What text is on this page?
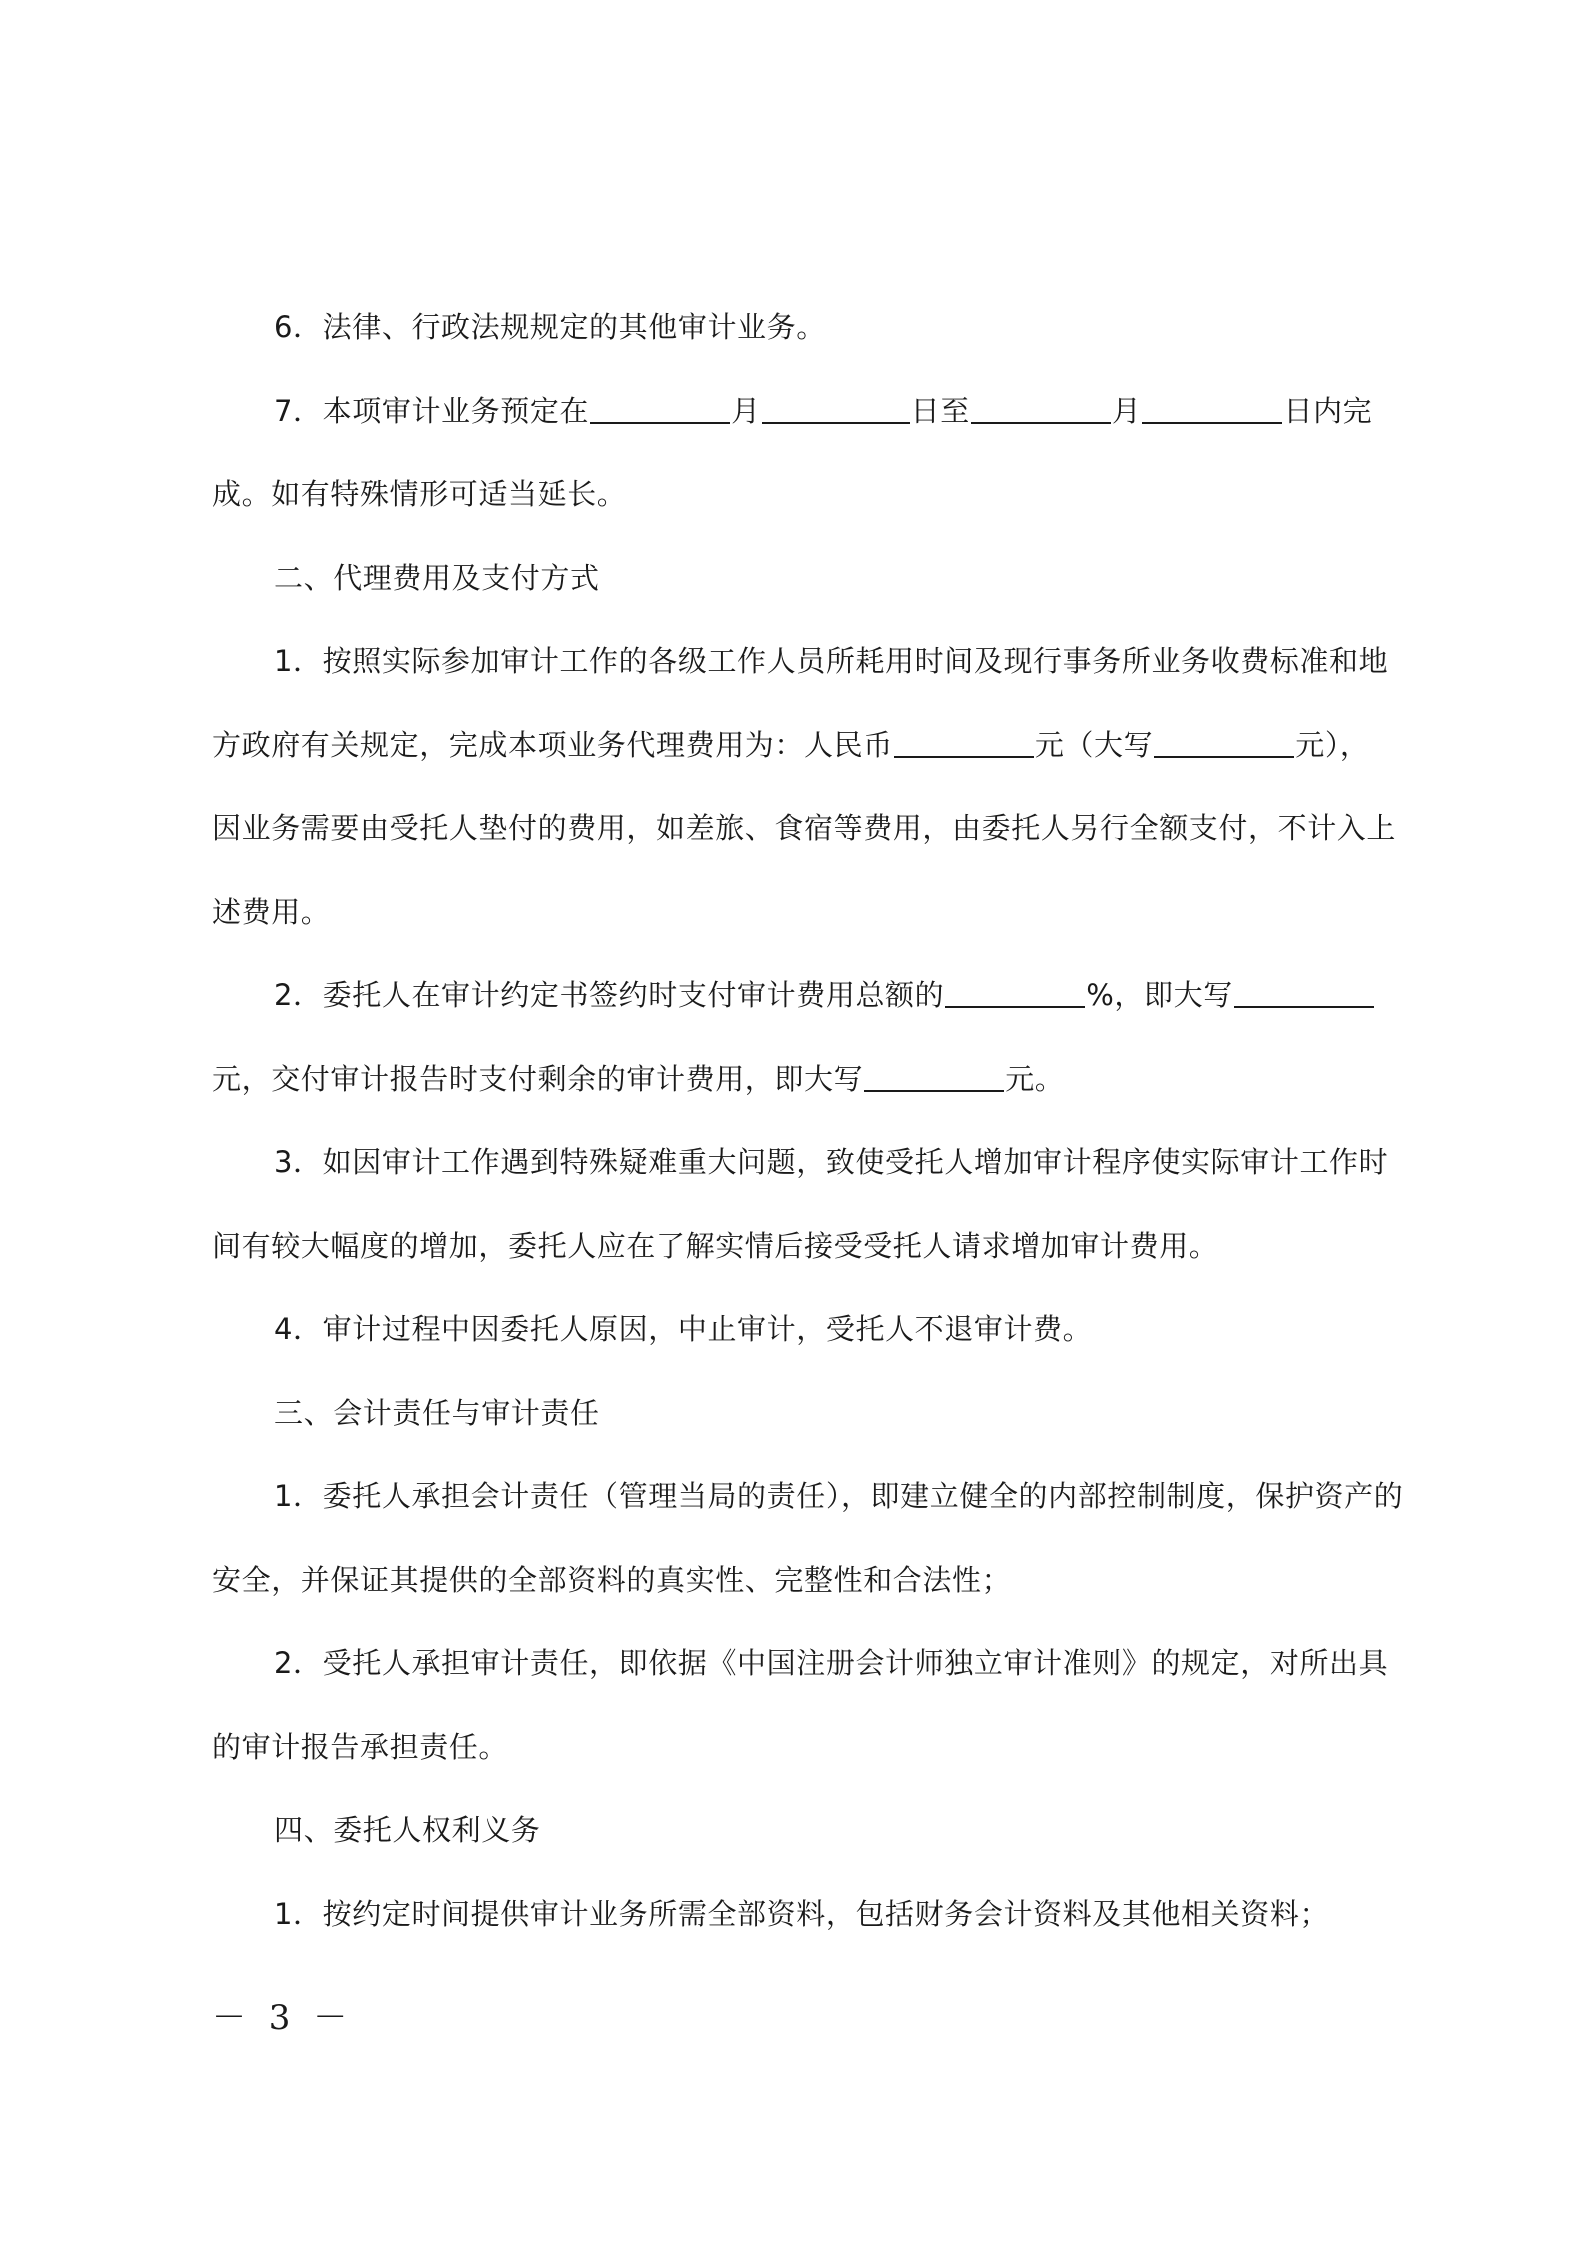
6．法律、行政法规规定的其他审计业务。
7．本项审计业务预定在	月	日至	月	日内完
成。如有特殊情形可适当延长。
二、代理费用及支付方式
1．按照实际参加审计工作的各级工作人员所耗用时间及现行事务所业务收费标准和地
方政府有关规定，完成本项业务代理费用为：人民币	元（大写	元），
因业务需要由受托人垫付的费用，如差旅、食宿等费用，由委托人另行全额支付，不计入上
述费用。
2．委托人在审计约定书签约时支付审计费用总额的	%，即大写
元，交付审计报告时支付剩余的审计费用，即大写	元。
3．如因审计工作遇到特殊疑难重大问题，致使受托人增加审计程序使实际审计工作时
间有较大幅度的增加，委托人应在了解实情后接受受托人请求增加审计费用。
4．审计过程中因委托人原因，中止审计，受托人不退审计费。
三、会计责任与审计责任
1．委托人承担会计责任（管理当局的责任），即建立健全的内部控制制度，保护资产的
安全，并保证其提供的全部资料的真实性、完整性和合法性；
2．受托人承担审计责任，即依据《中国注册会计师独立审计准则》的规定，对所出具
的审计报告承担责任。
四、委托人权利义务
1．按约定时间提供审计业务所需全部资料，包括财务会计资料及其他相关资料；
－ 3 －
